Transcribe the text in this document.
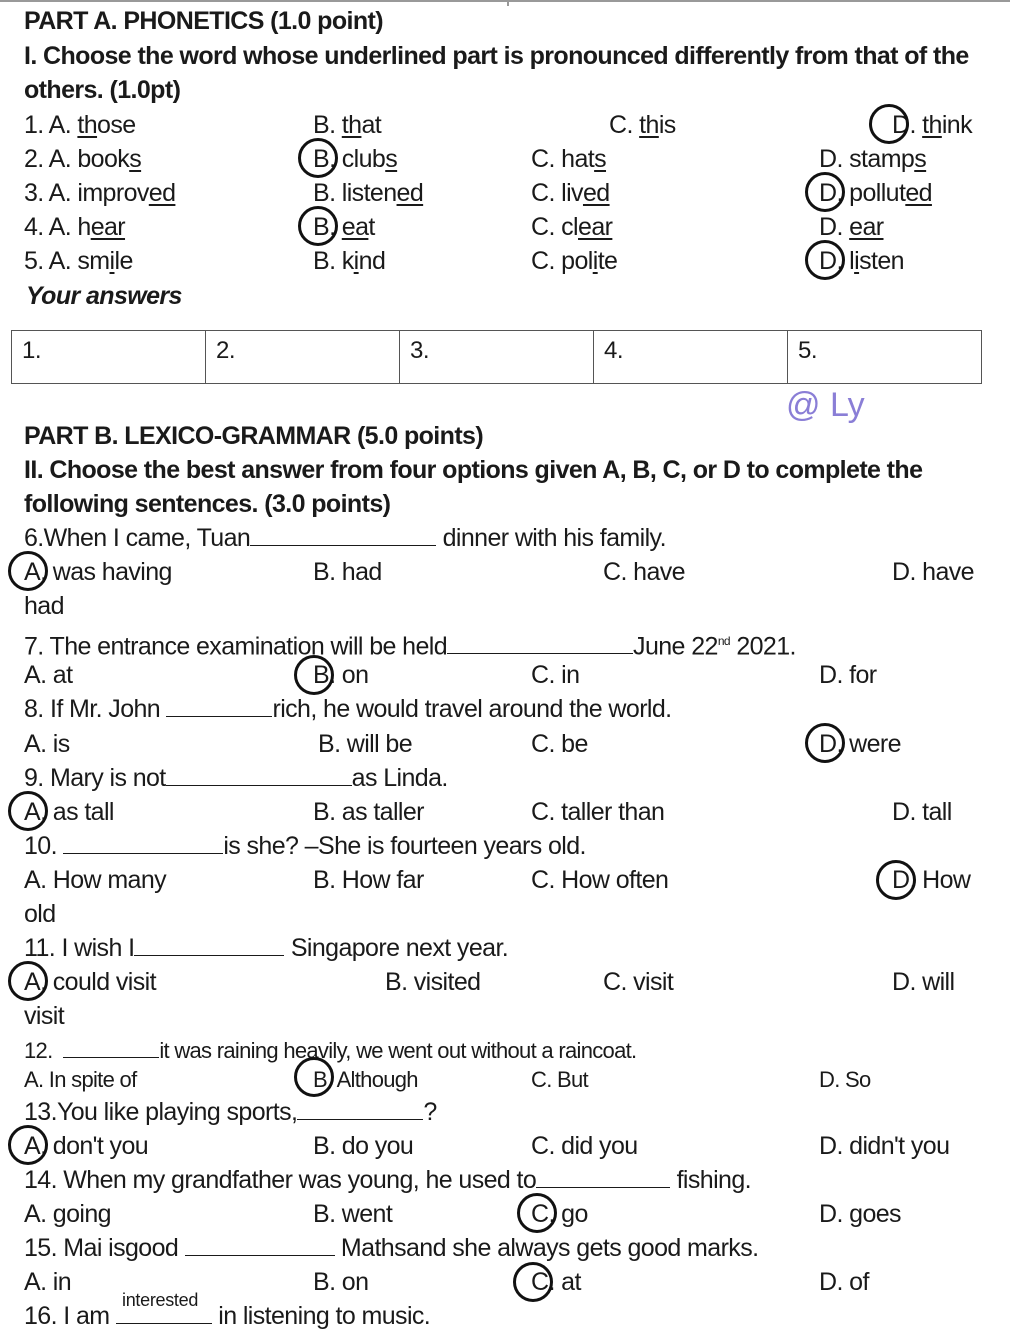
PART A. PHONETICS (1.0 point)
I. Choose the word whose underlined part is pronounced differently from that of the
others. (1.0pt)
1. A. those	B. that	C. this	D. think
2. A. books	B. clubs	C. hats	D. stamps
3. A. improved	B. listened	C. lived	D. polluted
4. A. hear	B. eat	C. clear	D. ear
5. A. smile	B. kind	C. polite	D. listen
Your answers
1.	2.	3.	4.	5.
@ Ly
PART B. LEXICO-GRAMMAR (5.0 points)
II. Choose the best answer from four options given A, B, C, or D to complete the
following sentences. (3.0 points)
6.When I came, Tuan	dinner with his family.
A. was having	B. had	C. have	D. have
had
7. The entrance examination will be held	June 22nd 2021.
A. at	B. on	C. in	D. for
8. If Mr. John	rich, he would travel around the world.
A. is	B. will be	C. be	D. were
9. Mary is not	as Linda.
A. as tall	B. as taller	C. taller than	D. tall
10.	is she? –She is fourteen years old.
A. How many	B. How far	C. How often	D. How
old
11. I wish I	Singapore next year.
A. could visit	B. visited	C. visit	D. will
visit
12.	it was raining heavily, we went out without a raincoat.
A. In spite of	B. Although	C. But	D. So
13.You like playing sports,	?
A. don't you	B. do you	C. did you	D. didn't you
14. When my grandfather was young, he used to	fishing.
A. going	B. went	C. go	D. goes
15. Mai isgood	Mathsand she always gets good marks.
A. in	B. on	C. at	D. of
interested
16. I am	in listening to music.
